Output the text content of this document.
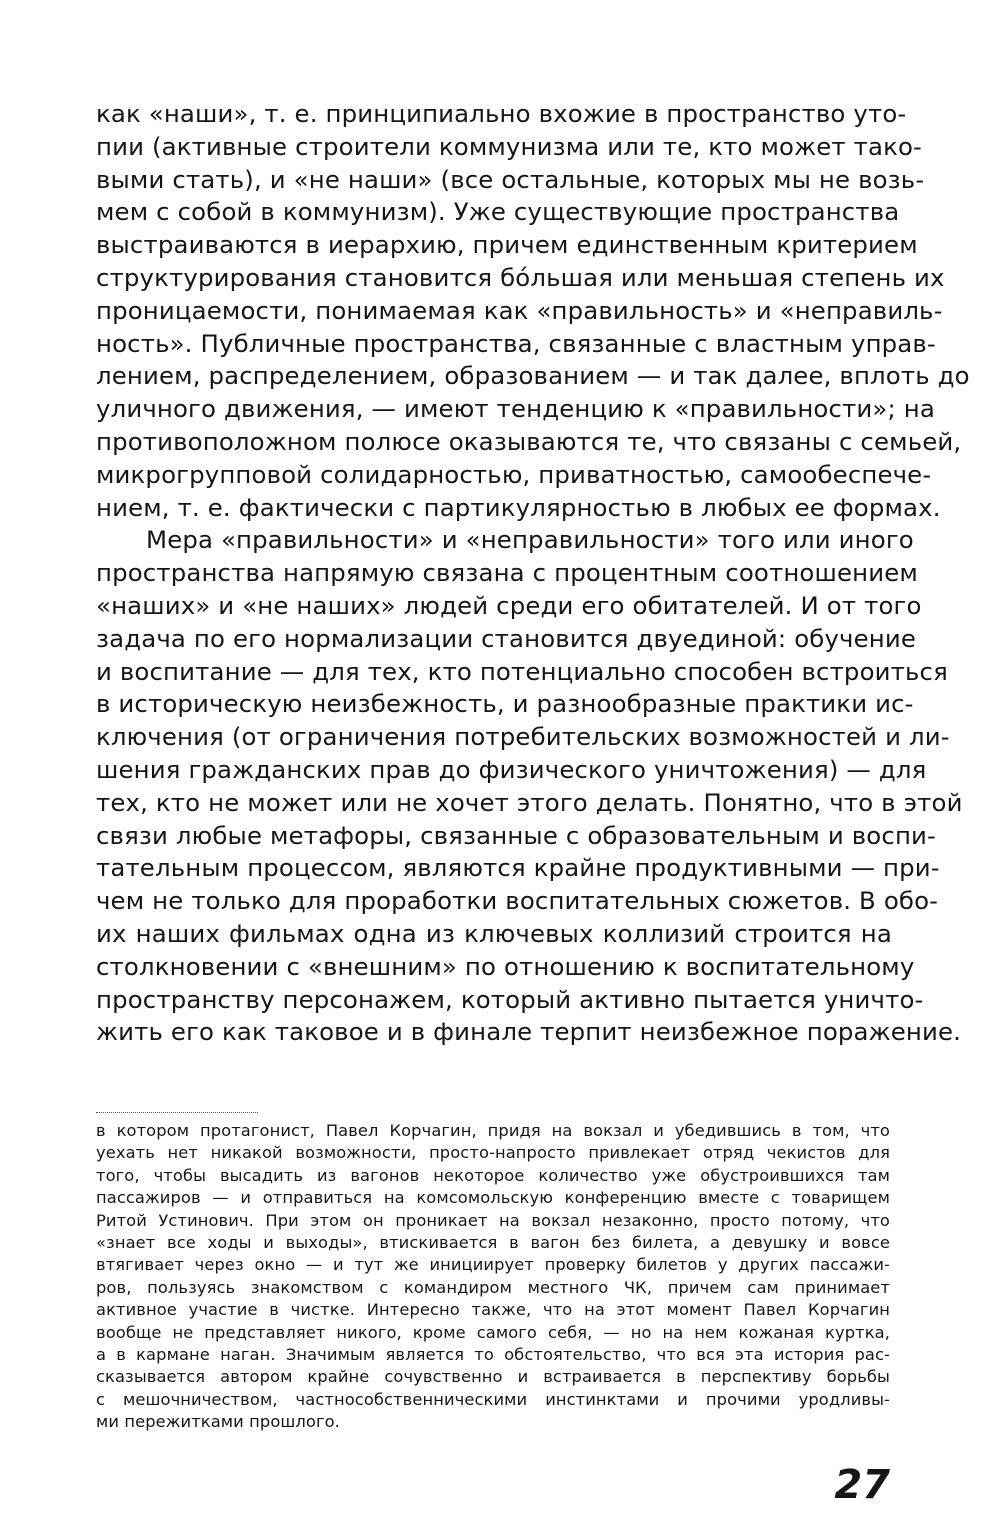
как «наши», т. е. принципиально вхожие в пространство уто-
пии (активные строители коммунизма или те, кто может тако-
выми стать), и «не наши» (все остальные, которых мы не возь-
мем с собой в коммунизм). Уже существующие пространства
выстраиваются в иерархию, причем единственным критерием
структурирования становится бóльшая или меньшая степень их
проницаемости, понимаемая как «правильность» и «неправиль-
ность». Публичные пространства, связанные с властным управ-
лением, распределением, образованием — и так далее, вплоть до
уличного движения, — имеют тенденцию к «правильности»; на
противоположном полюсе оказываются те, что связаны с семьей,
микрогрупповой солидарностью, приватностью, самообеспече-
нием, т. е. фактически с партикулярностью в любых ее формах.

Мера «правильности» и «неправильности» того или иного
пространства напрямую связана с процентным соотношением
«наших» и «не наших» людей среди его обитателей. И от того
задача по его нормализации становится двуединой: обучение
и воспитание — для тех, кто потенциально способен встроиться
в историческую неизбежность, и разнообразные практики ис-
ключения (от ограничения потребительских возможностей и ли-
шения гражданских прав до физического уничтожения) — для
тех, кто не может или не хочет этого делать. Понятно, что в этой
связи любые метафоры, связанные с образовательным и воспи-
тательным процессом, являются крайне продуктивными — при-
чем не только для проработки воспитательных сюжетов. В обо-
их наших фильмах одна из ключевых коллизий строится на
столкновении с «внешним» по отношению к воспитательному
пространству персонажем, который активно пытается уничто-
жить его как таковое и в финале терпит неизбежное поражение.

в котором протагонист, Павел Корчагин, придя на вокзал и убедившись в том, что
уехать нет никакой возможности, просто-напросто привлекает отряд чекистов для
того, чтобы высадить из вагонов некоторое количество уже обустроившихся там
пассажиров — и отправиться на комсомольскую конференцию вместе с товарищем
Ритой Устинович. При этом он проникает на вокзал незаконно, просто потому, что
«знает все ходы и выходы», втискивается в вагон без билета, а девушку и вовсе
втягивает через окно — и тут же инициирует проверку билетов у других пассажи-
ров, пользуясь знакомством с командиром местного ЧК, причем сам принимает
активное участие в чистке. Интересно также, что на этот момент Павел Корчагин
вообще не представляет никого, кроме самого себя, — но на нем кожаная куртка,
а в кармане наган. Значимым является то обстоятельство, что вся эта история рас-
сказывается автором крайне сочувственно и встраивается в перспективу борьбы
с мешочничеством, частнособственническими инстинктами и прочими уродливы-
ми пережитками прошлого.
27
